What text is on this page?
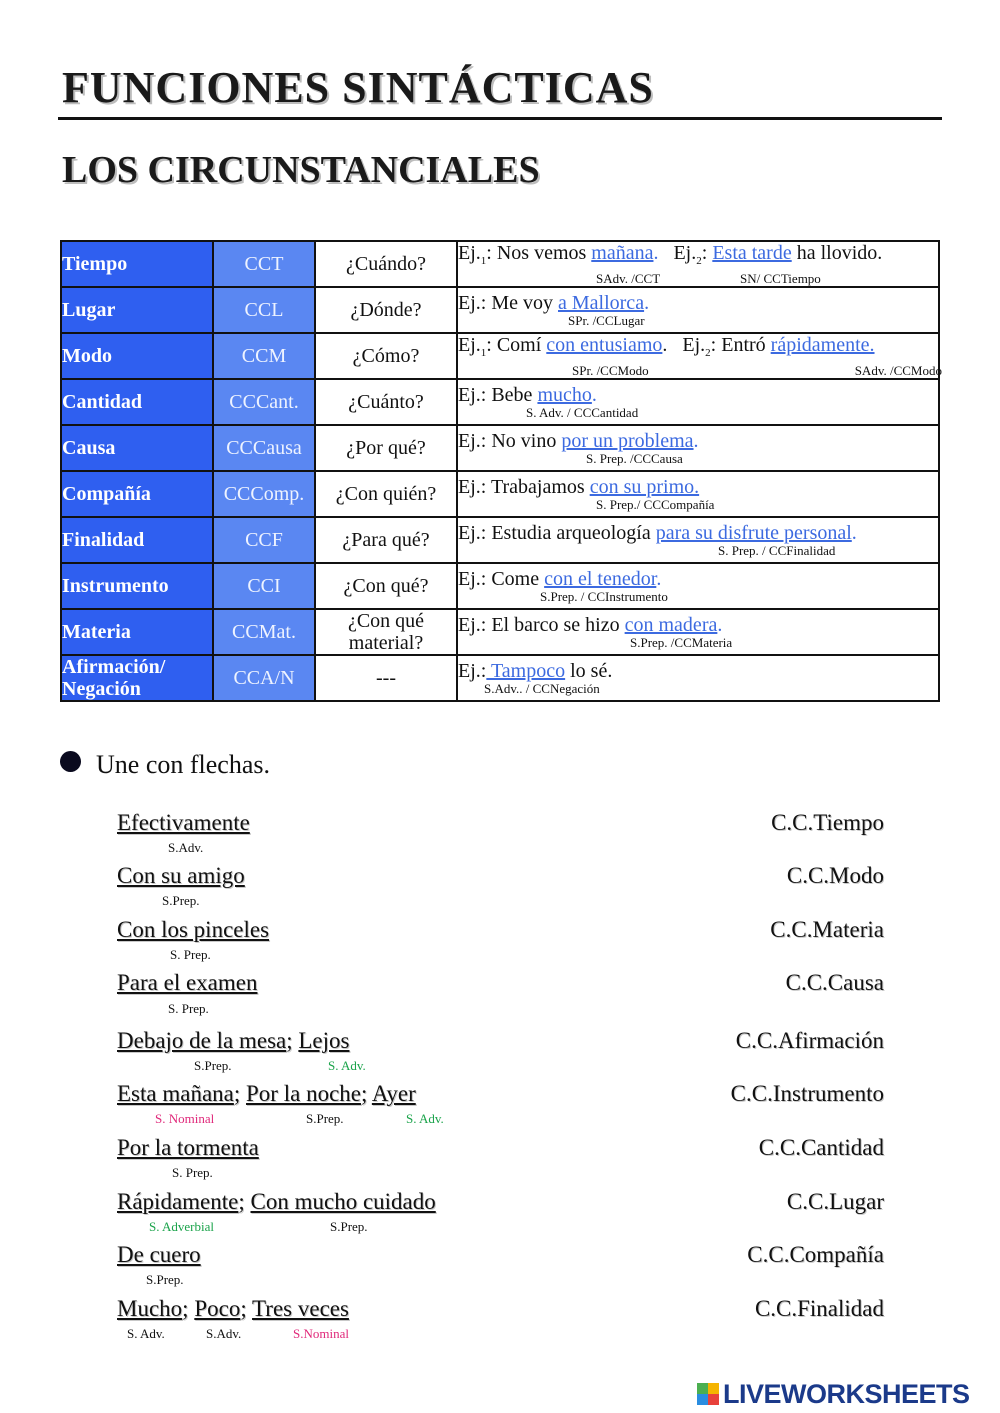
FUNCIONES SINTÁCTICAS
LOS CIRCUNSTANCIALES
Tiempo	CCT	¿Cuándo?	$Ej._1$: Nos vemos mañana. $Ej._2$: Esta tarde ha llovido.
SAdv. /CCT SN/ CCTiempo

Lugar	CCL	¿Dónde?	Ej.: Me voy a Mallorca.
SPr. /CCLugar

Modo	CCM	¿Cómo?	$Ej._1$: Comí con entusiamo. $Ej._2$: Entró rápidamente.
SPr. /CCModo SAdv. /CCModo

Cantidad	CCCant.	¿Cuánto?	Ej.: Bebe mucho.
S. Adv. / CCCantidad

Causa	CCCausa	¿Por qué?	Ej.: No vino por un problema.
S. Prep. /CCCausa

Compañía	CCComp.	¿Con quién?	Ej.: Trabajamos con su primo.
S. Prep./ CCCompañía

Finalidad	CCF	¿Para qué?	Ej.: Estudia arqueología para su disfrute personal.
S. Prep. / CCFinalidad

Instrumento	CCI	¿Con qué?	Ej.: Come con el tenedor.
S.Prep. / CCInstrumento

Materia	CCMat.	¿Con qué material?	Ej.: El barco se hizo con madera.
S.Prep. /CCMateria

Afirmación/ Negación	CCA/N	---	Ej.: Tampoco lo sé.
S.Adv.. / CCNegación
Une con flechas.
Efectivamente
S.Adv.
Con su amigo
S.Prep.
Con los pinceles
S. Prep.
Para el examen
S. Prep.
Debajo de la mesa; Lejos
S.Prep.	S. Adv.
Esta mañana; Por la noche; Ayer
S. Nominal	S.Prep.	S. Adv.
Por la tormenta
S. Prep.
Rápidamente; Con mucho cuidado
S. Adverbial	S.Prep.
De cuero
S.Prep.
Mucho; Poco; Tres veces
S. Adv.	S.Adv.	S.Nominal
C.C.Tiempo
C.C.Modo
C.C.Materia
C.C.Causa
C.C.Afirmación
C.C.Instrumento
C.C.Cantidad
C.C.Lugar
C.C.Compañía
C.C.Finalidad
LIVEWORKSHEETS
